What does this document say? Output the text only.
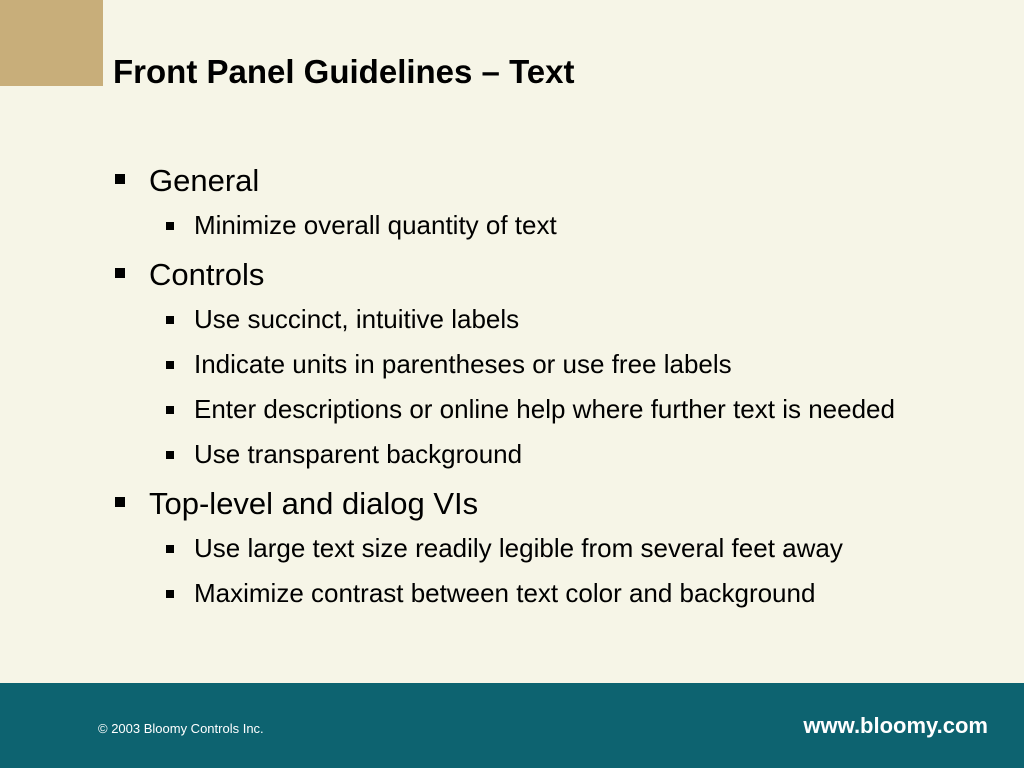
Front Panel Guidelines – Text
General
Minimize overall quantity of text
Controls
Use succinct, intuitive labels
Indicate units in parentheses or use free labels
Enter descriptions or online help where further text is needed
Use transparent background
Top-level and dialog VIs
Use large text size readily legible from several feet away
Maximize contrast between text color and background
© 2003 Bloomy Controls Inc.	www.bloomy.com
